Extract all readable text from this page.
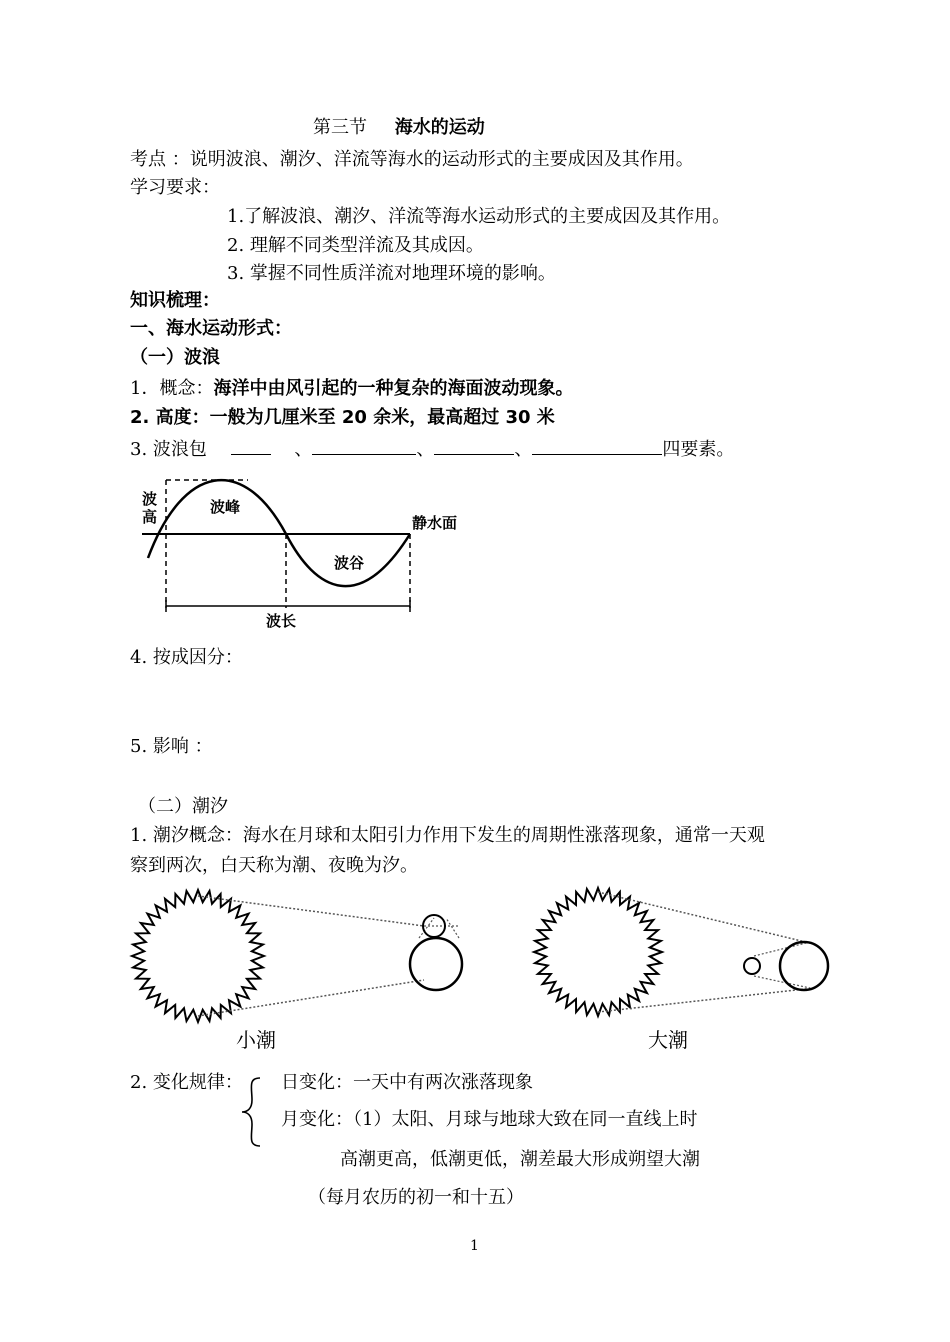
第三节 海水的运动
考点 ：说明波浪、潮汐、洋流等海水的运动形式的主要成因及其作用。
学习要求：
1.了解波浪、潮汐、洋流等海水运动形式的主要成因及其作用。
2. 理解不同类型洋流及其成因。
3. 掌握不同性质洋流对地理环境的影响。
知识梳理：
一、海水运动形式：
（一）波浪
1．概念：海洋中由风引起的一种复杂的海面波动现象。
2. 高度：一般为几厘米至 20 余米，最高超过 30 米
3. 波浪包	、	、	、	四要素。
波
高
波峰
波谷
静水面
波长
4. 按成因分：
5. 影响 ：
（二）潮汐
1. 潮汐概念：海水在月球和太阳引力作用下发生的周期性涨落现象，通常一天观
察到两次，白天称为潮、夜晚为汐。
小潮	大潮
2. 变化规律： 日变化：一天中有两次涨落现象
月变化：（1）太阳、月球与地球大致在同一直线上时
高潮更高，低潮更低，潮差最大形成朔望大潮
（每月农历的初一和十五）
1
